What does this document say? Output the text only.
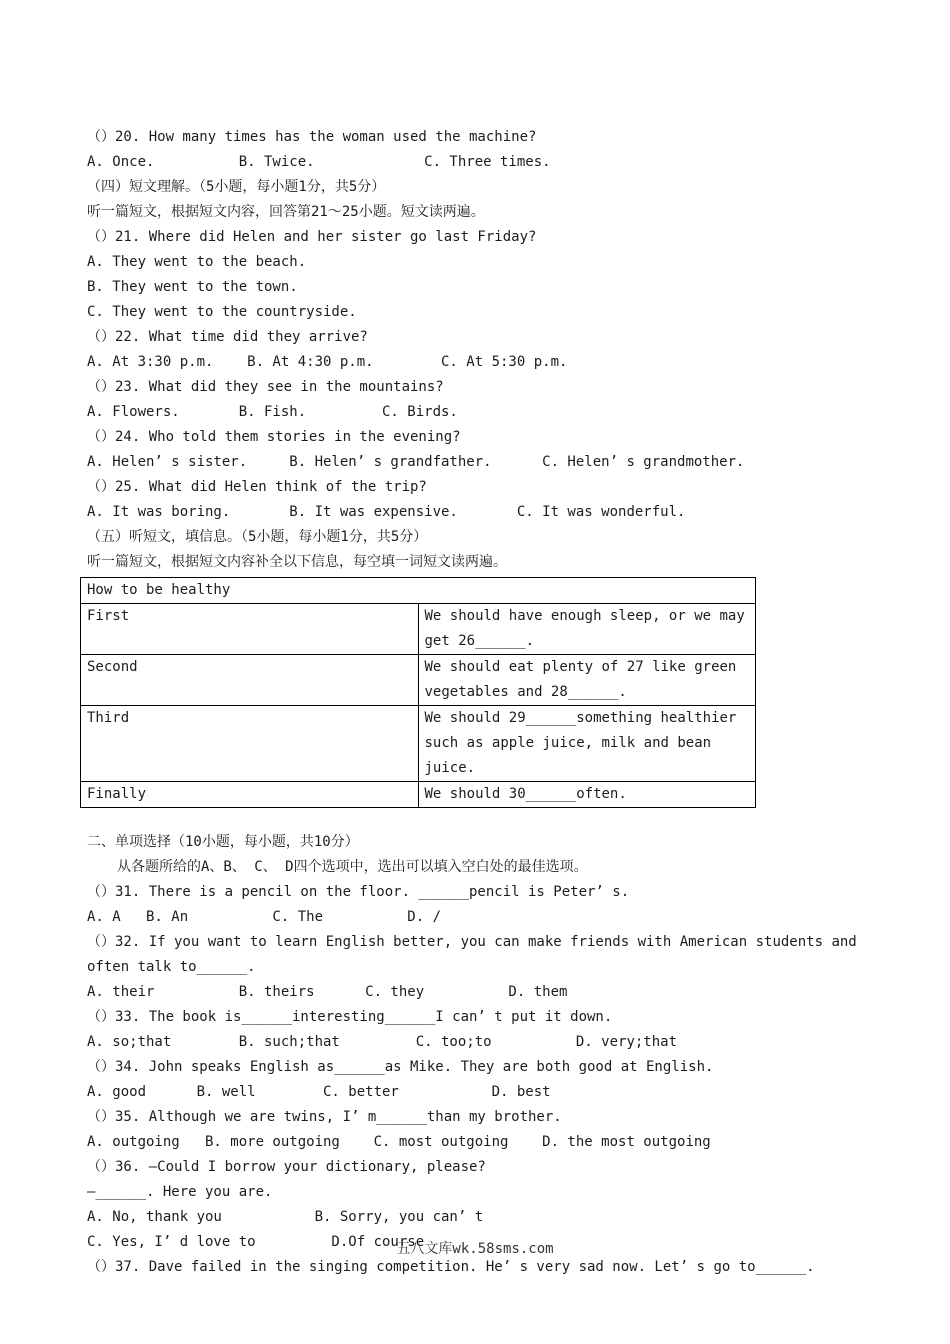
（）20. How many times has the woman used the machine?

A. Once.          B. Twice.             C. Three times.

（四）短文理解。（5小题，每小题1分，共5分）

听一篇短文，根据短文内容，回答第21～25小题。短文读两遍。

（）21. Where did Helen and her sister go last Friday?

A. They went to the beach.

B. They went to the town.

C. They went to the countryside.

（）22. What time did they arrive?

A. At 3:30 p.m.    B. At 4:30 p.m.        C. At 5:30 p.m.

（）23. What did they see in the mountains?

A. Flowers.       B. Fish.         C. Birds.

（）24. Who told them stories in the evening?

A. Helen’ s sister.     B. Helen’ s grandfather.      C. Helen’ s grandmother.

（）25. What did Helen think of the trip?

A. It was boring.       B. It was expensive.       C. It was wonderful.

（五）听短文，填信息。（5小题，每小题1分，共5分）

听一篇短文，根据短文内容补全以下信息，每空填一词短文读两遍。

How to be healthy	
First	We should have enough sleep, or we may get 26______.
Second	We should eat plenty of 27 like green vegetables and 28______.
Third	We should 29______something healthier such as apple juice, milk and bean juice.
Finally	We should 30______often.

二、单项选择（10小题，每小题，共10分）

从各题所给的A、B、 C、 D四个选项中，选出可以填入空白处的最佳选项。

（）31. There is a pencil on the floor. ______pencil is Peter’ s.

A. A   B. An          C. The          D. /

（）32. If you want to learn English better, you can make friends with American students and

often talk to______.

A. their          B. theirs      C. they          D. them

（）33. The book is______interesting______I can’ t put it down.

A. so;that        B. such;that         C. too;to          D. very;that

（）34. John speaks English as______as Mike. They are both good at English.

A. good      B. well        C. better           D. best

（）35. Although we are twins, I’ m______than my brother.

A. outgoing   B. more outgoing    C. most outgoing    D. the most outgoing

（）36. —Could I borrow your dictionary, please?

—______. Here you are.

A. No, thank you           B. Sorry, you can’ t

C. Yes, I’ d love to         D.Of course

（）37. Dave failed in the singing competition. He’ s very sad now. Let’ s go to______.

五八文库wk.58sms.com
